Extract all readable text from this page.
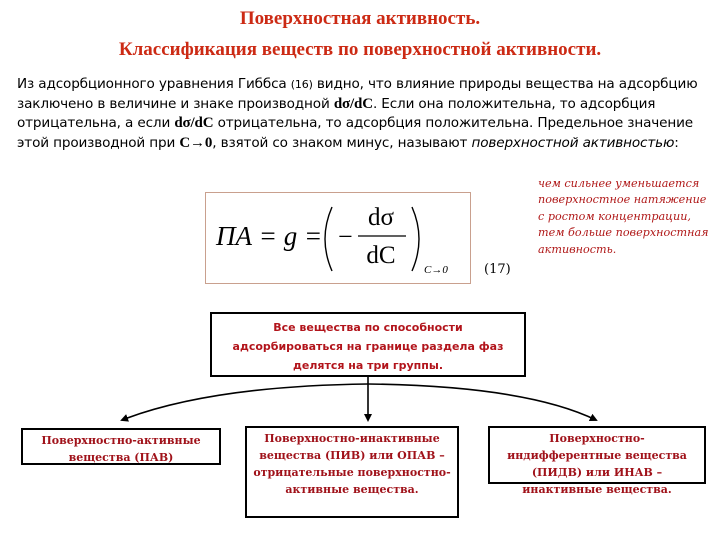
Поверхностная активность.
Классификация веществ по поверхностной активности.
Из адсорбционного уравнения Гиббса (16) видно, что влияние природы вещества на адсорбцию заключено в величине и знаке производной dσ/dC. Если она положительна, то адсорбция отрицательна, а если dσ/dC отрицательна, то адсорбция положительна. Предельное значение этой производной при C→0, взятой со знаком минус, называют поверхностной активностью:
ПА = g = −
dσ
dC
C→0	(17)
чем сильнее уменьшается поверхностное натяжение с ростом концентрации, тем больше поверхностная активность.
Все вещества по способности адсорбироваться на границе раздела фаз делятся на три группы.
Поверхностно-активные вещества (ПАВ)
Поверхностно-инактивные вещества (ПИВ) или ОПАВ – отрицательные поверхностно-активные вещества.
Поверхностно-индифферентные вещества (ПИДВ) или ИНАВ – инактивные вещества.
